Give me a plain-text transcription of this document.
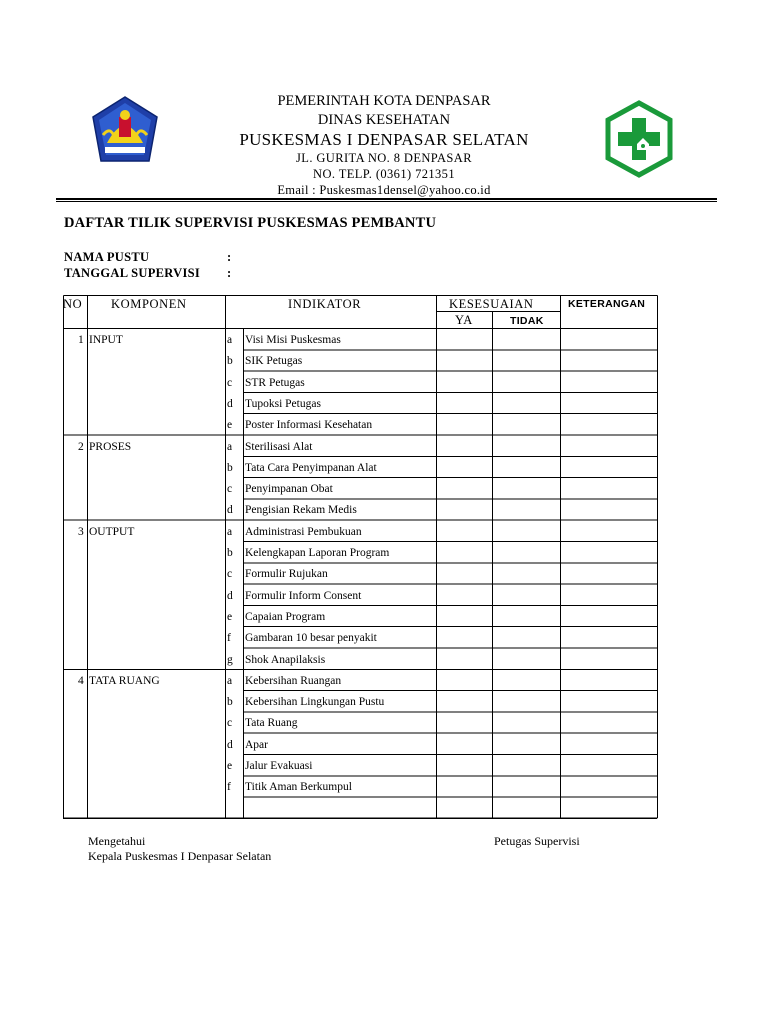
PEMERINTAH KOTA DENPASAR
DINAS KESEHATAN
PUSKESMAS I DENPASAR SELATAN
JL. GURITA NO. 8 DENPASAR
NO. TELP. (0361) 721351
Email : Puskesmas1densel@yahoo.co.id
DAFTAR TILIK SUPERVISI PUSKESMAS PEMBANTU
NAMA PUSTU	:
TANGGAL SUPERVISI :
NO KOMPONEN	INDIKATOR	KESESUAIAN
YA	TIDAK
KETERANGAN
1 INPUT	a Visi Misi Puskesmas
b SIK Petugas
c STR Petugas
d Tupoksi Petugas
e Poster Informasi Kesehatan
2 PROSES	a Sterilisasi Alat
b Tata Cara Penyimpanan Alat
c Penyimpanan Obat
d Pengisian Rekam Medis
3 OUTPUT	a Administrasi Pembukuan
b Kelengkapan Laporan Program
c Formulir Rujukan
d Formulir Inform Consent
e Capaian Program
f Gambaran 10 besar penyakit
g Shok Anapilaksis
4 TATA RUANG	a Kebersihan Ruangan
b Kebersihan Lingkungan Pustu
c Tata Ruang
d Apar
e Jalur Evakuasi
f Titik Aman Berkumpul
Mengetahui
Kepala Puskesmas I Denpasar Selatan
Petugas Supervisi
